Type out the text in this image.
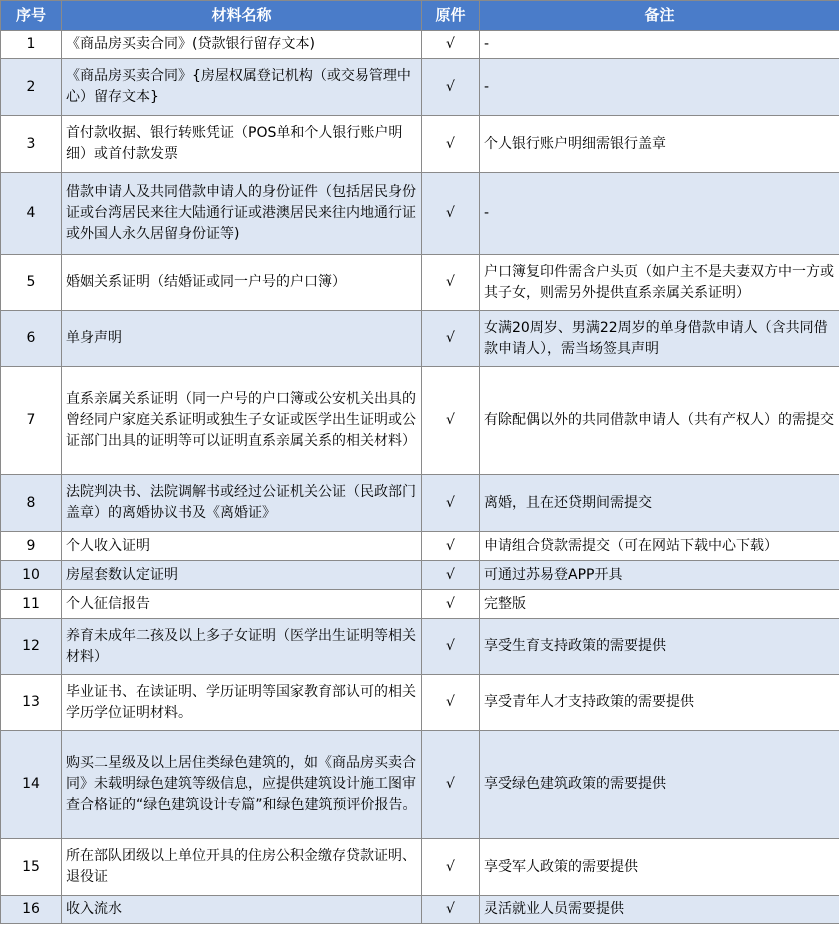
序号	材料名称	原件	备注
1	《商品房买卖合同》(贷款银行留存文本)	√	-
2	《商品房买卖合同》{房屋权属登记机构（或交易管理中心）留存文本}	√	-
3	首付款收据、银行转账凭证（POS单和个人银行账户明细）或首付款发票	√	个人银行账户明细需银行盖章
4	借款申请人及共同借款申请人的身份证件（包括居民身份证或台湾居民来往大陆通行证或港澳居民来往内地通行证或外国人永久居留身份证等)	√	-
5	婚姻关系证明（结婚证或同一户号的户口簿）	√	户口簿复印件需含户头页（如户主不是夫妻双方中一方或其子女，则需另外提供直系亲属关系证明）
6	单身声明	√	女满20周岁、男满22周岁的单身借款申请人（含共同借款申请人），需当场签具声明
7	直系亲属关系证明（同一户号的户口簿或公安机关出具的曾经同户家庭关系证明或独生子女证或医学出生证明或公证部门出具的证明等可以证明直系亲属关系的相关材料）	√	有除配偶以外的共同借款申请人（共有产权人）的需提交
8	法院判决书、法院调解书或经过公证机关公证（民政部门盖章）的离婚协议书及《离婚证》	√	离婚，且在还贷期间需提交
9	个人收入证明	√	申请组合贷款需提交（可在网站下载中心下载）
10	房屋套数认定证明	√	可通过苏易登APP开具
11	个人征信报告	√	完整版
12	养育未成年二孩及以上多子女证明（医学出生证明等相关材料）	√	享受生育支持政策的需要提供
13	毕业证书、在读证明、学历证明等国家教育部认可的相关学历学位证明材料。	√	享受青年人才支持政策的需要提供
14	购买二星级及以上居住类绿色建筑的，如《商品房买卖合同》未载明绿色建筑等级信息，应提供建筑设计施工图审查合格证的“绿色建筑设计专篇”和绿色建筑预评价报告。	√	享受绿色建筑政策的需要提供
15	所在部队团级以上单位开具的住房公积金缴存贷款证明、退役证	√	享受军人政策的需要提供
16	收入流水	√	灵活就业人员需要提供
